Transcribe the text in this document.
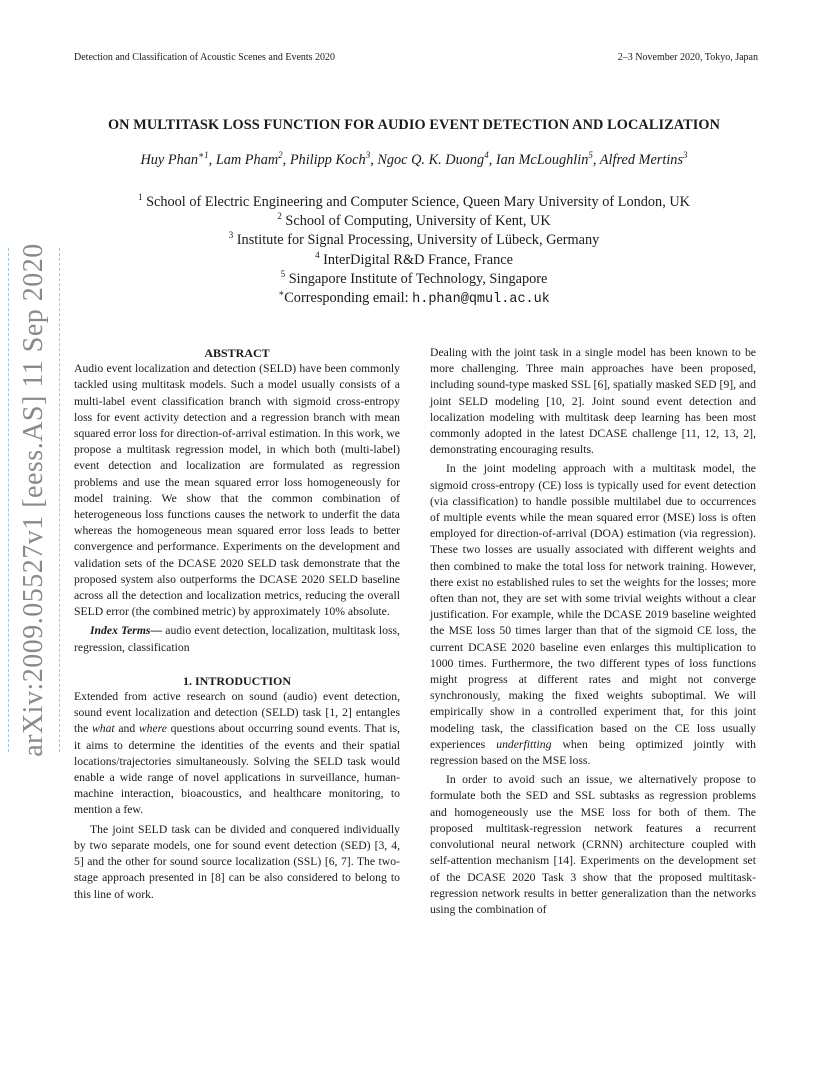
Detection and Classification of Acoustic Scenes and Events 2020	2–3 November 2020, Tokyo, Japan
arXiv:2009.05527v1 [eess.AS] 11 Sep 2020
ON MULTITASK LOSS FUNCTION FOR AUDIO EVENT DETECTION AND LOCALIZATION
Huy Phan$^{∗1}$, Lam Pham$^2$, Philipp Koch$^3$, Ngoc Q. K. Duong$^4$, Ian McLoughlin$^5$, Alfred Mertins$^3$
$^1$ School of Electric Engineering and Computer Science, Queen Mary University of London, UK
$^2$ School of Computing, University of Kent, UK
$^3$ Institute for Signal Processing, University of Lübeck, Germany
$^4$ InterDigital R&D France, France
$^5$ Singapore Institute of Technology, Singapore
∗Corresponding email: h.phan@qmul.ac.uk

ABSTRACT

Audio event localization and detection (SELD) have been commonly tackled using multitask models. Such a model usually consists of a multi-label event classification branch with sigmoid cross-entropy loss for event activity detection and a regression branch with mean squared error loss for direction-of-arrival estimation. In this work, we propose a multitask regression model, in which both (multi-label) event detection and localization are formulated as regression problems and use the mean squared error loss homogeneously for model training. We show that the common combination of heterogeneous loss functions causes the network to underfit the data whereas the homogeneous mean squared error loss leads to better convergence and performance. Experiments on the development and validation sets of the DCASE 2020 SELD task demonstrate that the proposed system also outperforms the DCASE 2020 SELD baseline across all the detection and localization metrics, reducing the overall SELD error (the combined metric) by approximately 10% absolute.

Index Terms— audio event detection, localization, multitask loss, regression, classification

1. INTRODUCTION

Extended from active research on sound (audio) event detection, sound event localization and detection (SELD) task [1, 2] entangles the what and where questions about occurring sound events. That is, it aims to determine the identities of the events and their spatial locations/trajectories simultaneously. Solving the SELD task would enable a wide range of novel applications in surveillance, human-machine interaction, bioacoustics, and healthcare monitoring, to mention a few.

The joint SELD task can be divided and conquered individually by two separate models, one for sound event detection (SED) [3, 4, 5] and the other for sound source localization (SSL) [6, 7]. The two-stage approach presented in [8] can be also considered to belong to this line of work.

Dealing with the joint task in a single model has been known to be more challenging. Three main approaches have been proposed, including sound-type masked SSL [6], spatially masked SED [9], and joint SELD modeling [10, 2]. Joint sound event detection and localization modeling with multitask deep learning has been most commonly adopted in the latest DCASE challenge [11, 12, 13, 2], demonstrating encouraging results.

In the joint modeling approach with a multitask model, the sigmoid cross-entropy (CE) loss is typically used for event detection (via classification) to handle possible multilabel due to occurrences of multiple events while the mean squared error (MSE) loss is often employed for direction-of-arrival (DOA) estimation (via regression). These two losses are usually associated with different weights and then combined to make the total loss for network training. However, there exist no established rules to set the weights for the losses; more often than not, they are set with some trivial weights without a clear justification. For example, while the DCASE 2019 baseline weighted the MSE loss 50 times larger than that of the sigmoid CE loss, the current DCASE 2020 baseline even enlarges this multiplication to 1000 times. Furthermore, the two different types of loss functions might progress at different rates and might not converge synchronously, making the fixed weights suboptimal. We will empirically show in a controlled experiment that, for this joint modeling task, the classification based on the CE loss usually experiences underfitting when being optimized jointly with regression based on the MSE loss.

In order to avoid such an issue, we alternatively propose to formulate both the SED and SSL subtasks as regression problems and homogeneously use the MSE loss for both of them. The proposed multitask-regression network features a recurrent convolutional neural network (CRNN) architecture coupled with self-attention mechanism [14]. Experiments on the development set of the DCASE 2020 Task 3 show that the proposed multitask-regression network results in better generalization than the networks using the combination of
